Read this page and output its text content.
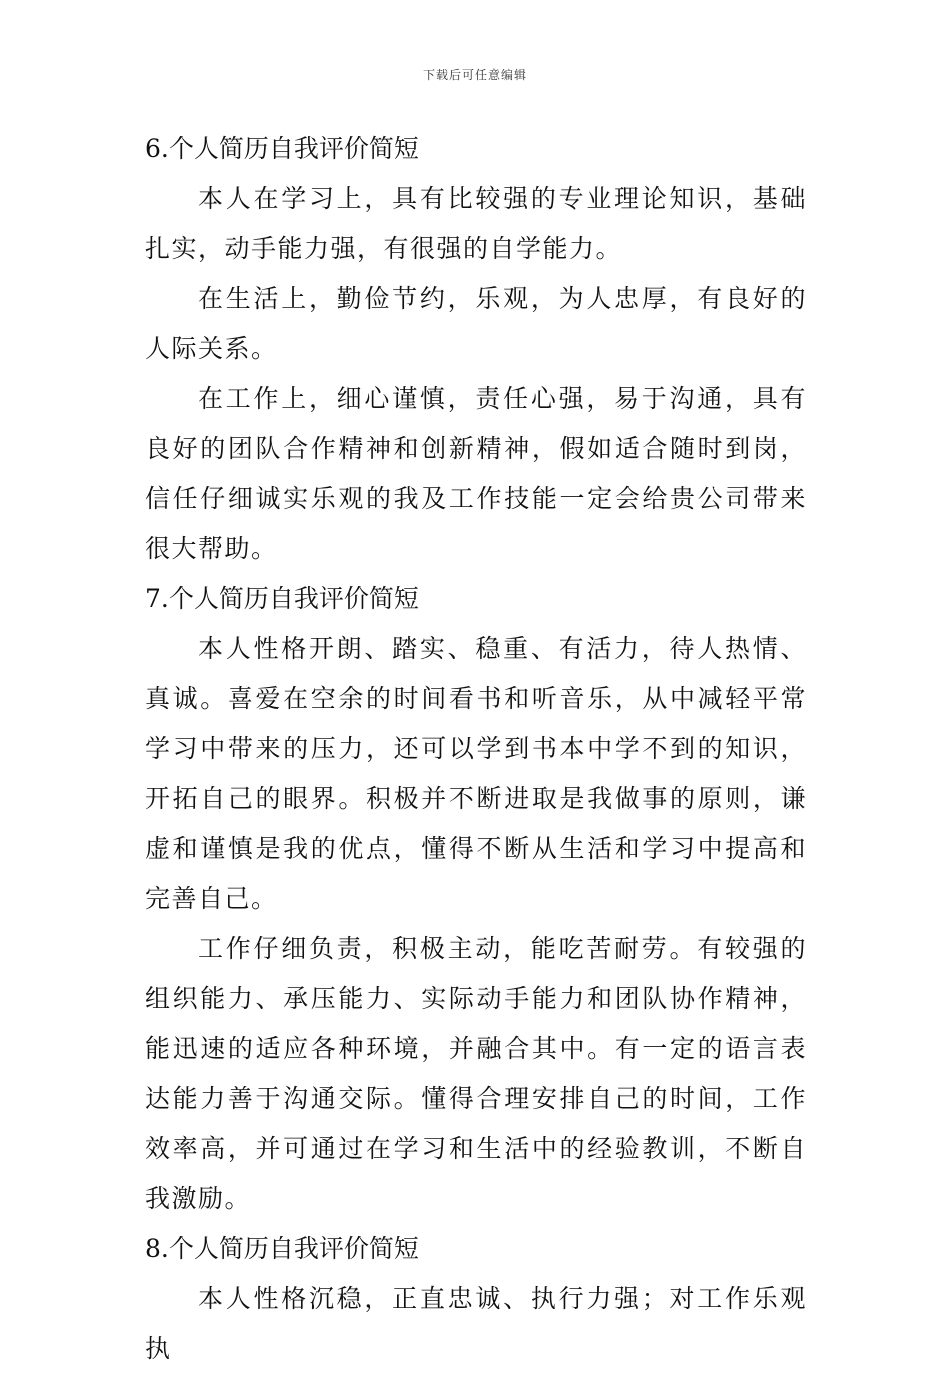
下载后可任意编辑
6.个人简历自我评价简短

本人在学习上，具有比较强的专业理论知识，基础扎实，动手能力强，有很强的自学能力。

在生活上，勤俭节约，乐观，为人忠厚，有良好的人际关系。

在工作上，细心谨慎，责任心强，易于沟通，具有良好的团队合作精神和创新精神，假如适合随时到岗，信任仔细诚实乐观的我及工作技能一定会给贵公司带来很大帮助。

7.个人简历自我评价简短

本人性格开朗、踏实、稳重、有活力，待人热情、真诚。喜爱在空余的时间看书和听音乐，从中减轻平常学习中带来的压力，还可以学到书本中学不到的知识，开拓自己的眼界。积极并不断进取是我做事的原则，谦虚和谨慎是我的优点，懂得不断从生活和学习中提高和完善自己。

工作仔细负责，积极主动，能吃苦耐劳。有较强的组织能力、承压能力、实际动手能力和团队协作精神，能迅速的适应各种环境，并融合其中。有一定的语言表达能力善于沟通交际。懂得合理安排自己的时间，工作效率高，并可通过在学习和生活中的经验教训，不断自我激励。

8.个人简历自我评价简短

本人性格沉稳，正直忠诚、执行力强；对工作乐观执
